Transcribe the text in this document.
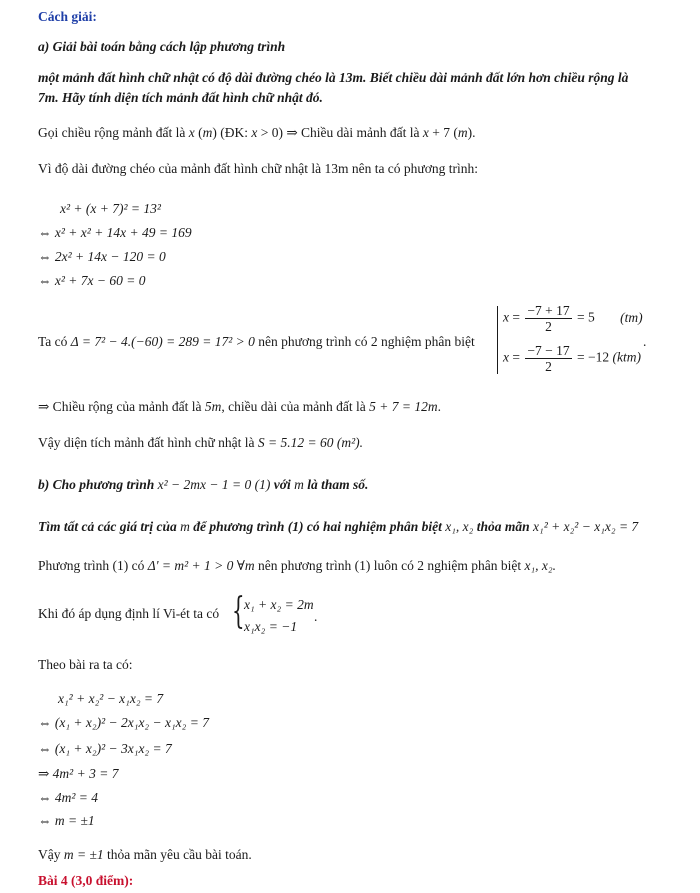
Cách giải:
a) Giải bài toán bằng cách lập phương trình
một mảnh đất hình chữ nhật có độ dài đường chéo là 13m. Biết chiều dài mảnh đất lớn hơn chiều rộng là
7m. Hãy tính diện tích mảnh đất hình chữ nhật đó.
Gọi chiều rộng mảnh đất là x (m) (ĐK: x > 0) ⇒ Chiều dài mảnh đất là x + 7 (m).
Vì độ dài đường chéo của mảnh đất hình chữ nhật là 13m nên ta có phương trình:
x² + (x + 7)² = 13²
⇔ x² + x² + 14x + 49 = 169
⇔ 2x² + 14x − 120 = 0
⇔ x² + 7x − 60 = 0
Ta có Δ = 7² − 4.(−60) = 289 = 17² > 0 nên phương trình có 2 nghiệm phân biệt
$x = \frac{-7 + 17}{2} = 5$ (tm)
$x = \frac{-7 - 17}{2} = -12$ (ktm)
.
⇒ Chiều rộng của mảnh đất là 5m, chiều dài của mảnh đất là 5 + 7 = 12m.
Vậy diện tích mảnh đất hình chữ nhật là S = 5.12 = 60 (m²).
b) Cho phương trình x² − 2mx − 1 = 0 (1) với m là tham số.
Tìm tất cả các giá trị của m để phương trình (1) có hai nghiệm phân biệt x₁, x₂ thỏa mãn x₁² + x₂² − x₁x₂ = 7
Phương trình (1) có Δ' = m² + 1 > 0 ∀m nên phương trình (1) luôn có 2 nghiệm phân biệt x₁, x₂.
Khi đó áp dụng định lí Vi-ét ta có { x₁ + x₂ = 2m
x₁x₂ = −1
.
Theo bài ra ta có:
x₁² + x₂² − x₁x₂ = 7
⇔ (x₁ + x₂)² − 2x₁x₂ − x₁x₂ = 7
⇔ (x₁ + x₂)² − 3x₁x₂ = 7
⇒ 4m² + 3 = 7
⇔ 4m² = 4
⇔ m = ±1
Vậy m = ±1 thỏa mãn yêu cầu bài toán.
Bài 4 (3,0 điểm):
